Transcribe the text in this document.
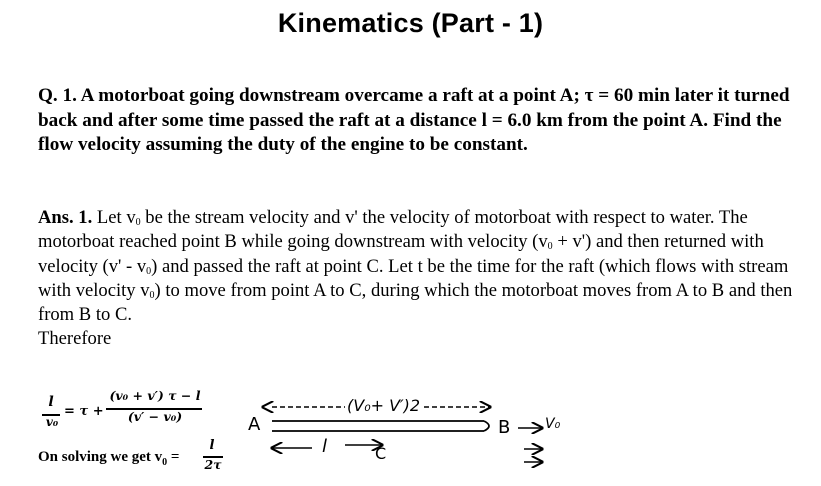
Kinematics (Part - 1)
Q. 1. A motorboat going downstream overcame a raft at a point A; τ = 60 min later it turned back and after some time passed the raft at a distance l = 6.0 km from the point A. Find the flow velocity assuming the duty of the engine to be constant.
Ans. 1. Let $v_0$ be the stream velocity and v' the velocity of motorboat with respect to water. The motorboat reached point B while going downstream with velocity $(v_0 + v')$ and then returned with velocity $(v' - v_0)$ and passed the raft at point C. Let t be the time for the raft (which flows with stream with velocity $v_0$) to move from point A to C, during which the motorboat moves from A to B and then from B to C.
Therefore
l
v₀
= τ +
(v₀ + v′) τ − l
(v′ − v₀)
On solving we get $v_0$ =
l
2τ
(V₀+ V′)2
A	B
C
l
V₀
